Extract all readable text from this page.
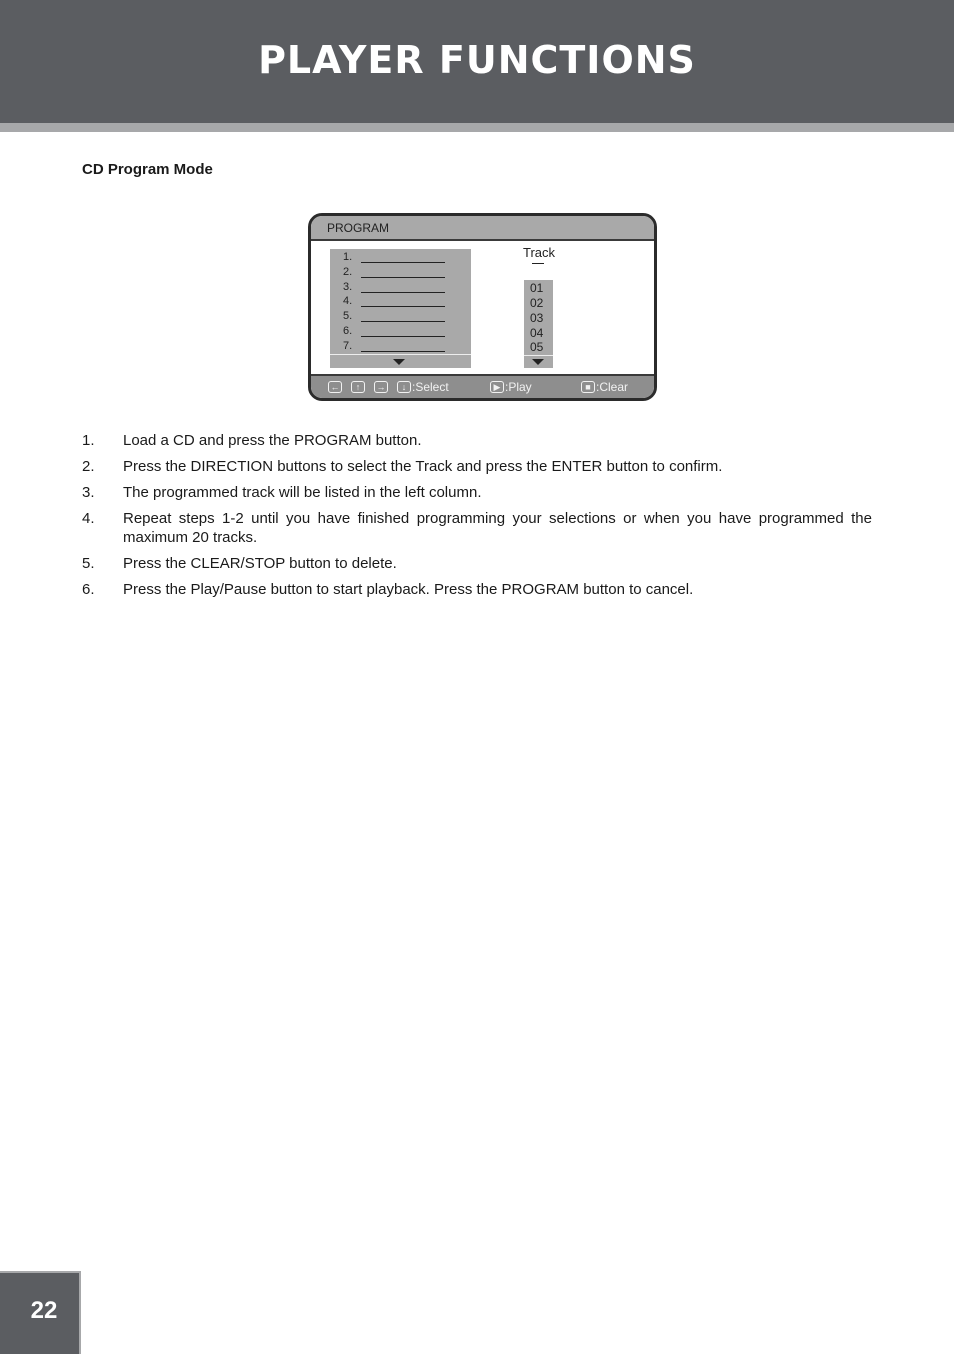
PLAYER FUNCTIONS
CD Program Mode
PROGRAM
1.
2.
3.
4.
5.
6.
7.
Track
01
02
03
04
05
←	↑	→	↓ :Select	▶ :Play	■ :Clear
1. Load a CD and press the PROGRAM button.
2. Press the DIRECTION buttons to select the Track and press the ENTER button to confirm.
3. The programmed track will be listed in the left column.
4. Repeat steps 1-2 until you have finished programming your selections or when you have programmed the maximum 20 tracks.
5. Press the CLEAR/STOP button to delete.
6. Press the Play/Pause button to start playback. Press the PROGRAM button to cancel.
22
